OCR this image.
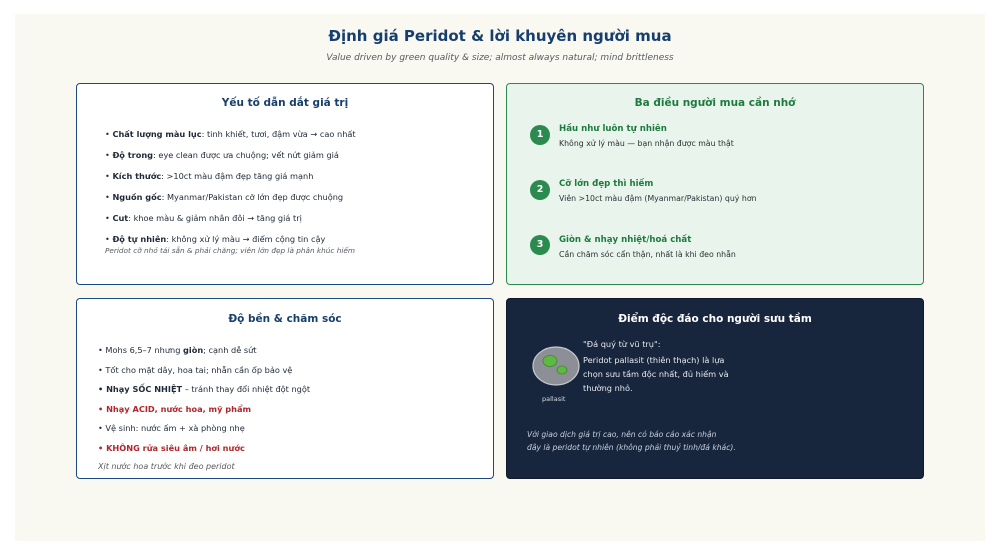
Định giá Peridot & lời khuyên người mua
Value driven by green quality & size; almost always natural; mind brittleness
Yếu tố dẫn dắt giá trị
• Chất lượng màu lục: tinh khiết, tươi, đậm vừa → cao nhất
• Độ trong: eye clean được ưa chuộng; vết nứt giảm giá
• Kích thước: >10ct màu đậm đẹp tăng giá mạnh
• Nguồn gốc: Myanmar/Pakistan cỡ lớn đẹp được chuộng
• Cut: khoe màu & giảm nhân đôi → tăng giá trị
• Độ tự nhiên: không xử lý màu → điểm cộng tin cậy
Peridot cỡ nhỏ tái sẵn & phải chăng; viên lớn đẹp là phân khúc hiếm
Ba điều người mua cần nhớ
1	Hầu như luôn tự nhiên
Không xử lý màu — bạn nhận được màu thật
2	Cỡ lớn đẹp thì hiếm
Viên >10ct màu đậm (Myanmar/Pakistan) quý hơn
3	Giòn & nhạy nhiệt/hoá chất
Cần chăm sóc cẩn thận, nhất là khi đeo nhẫn
Độ bền & chăm sóc
• Mohs 6,5–7 nhưng giòn; cạnh dễ sứt
• Tốt cho mặt dây, hoa tai; nhẫn cần ổp bảo vệ
• Nhạy SỐC NHIỆT – tránh thay đổi nhiệt đột ngột
• Nhạy ACID, nước hoa, mỹ phẩm
• Vệ sinh: nước ấm + xà phòng nhẹ
• KHÔNG rửa siêu âm / hơi nước
Xịt nước hoa trước khi đeo peridot
Điểm độc đáo cho người sưu tầm
pallasit
"Đá quý từ vũ trụ":
Peridot pallasit (thiên thạch) là lựa
chọn sưu tầm độc nhất, đủ hiếm và
thường nhỏ.
Với giao dịch giá trị cao, nên có báo cáo xác nhận
đây là peridot tự nhiên (không phải thuỷ tinh/đá khác).
